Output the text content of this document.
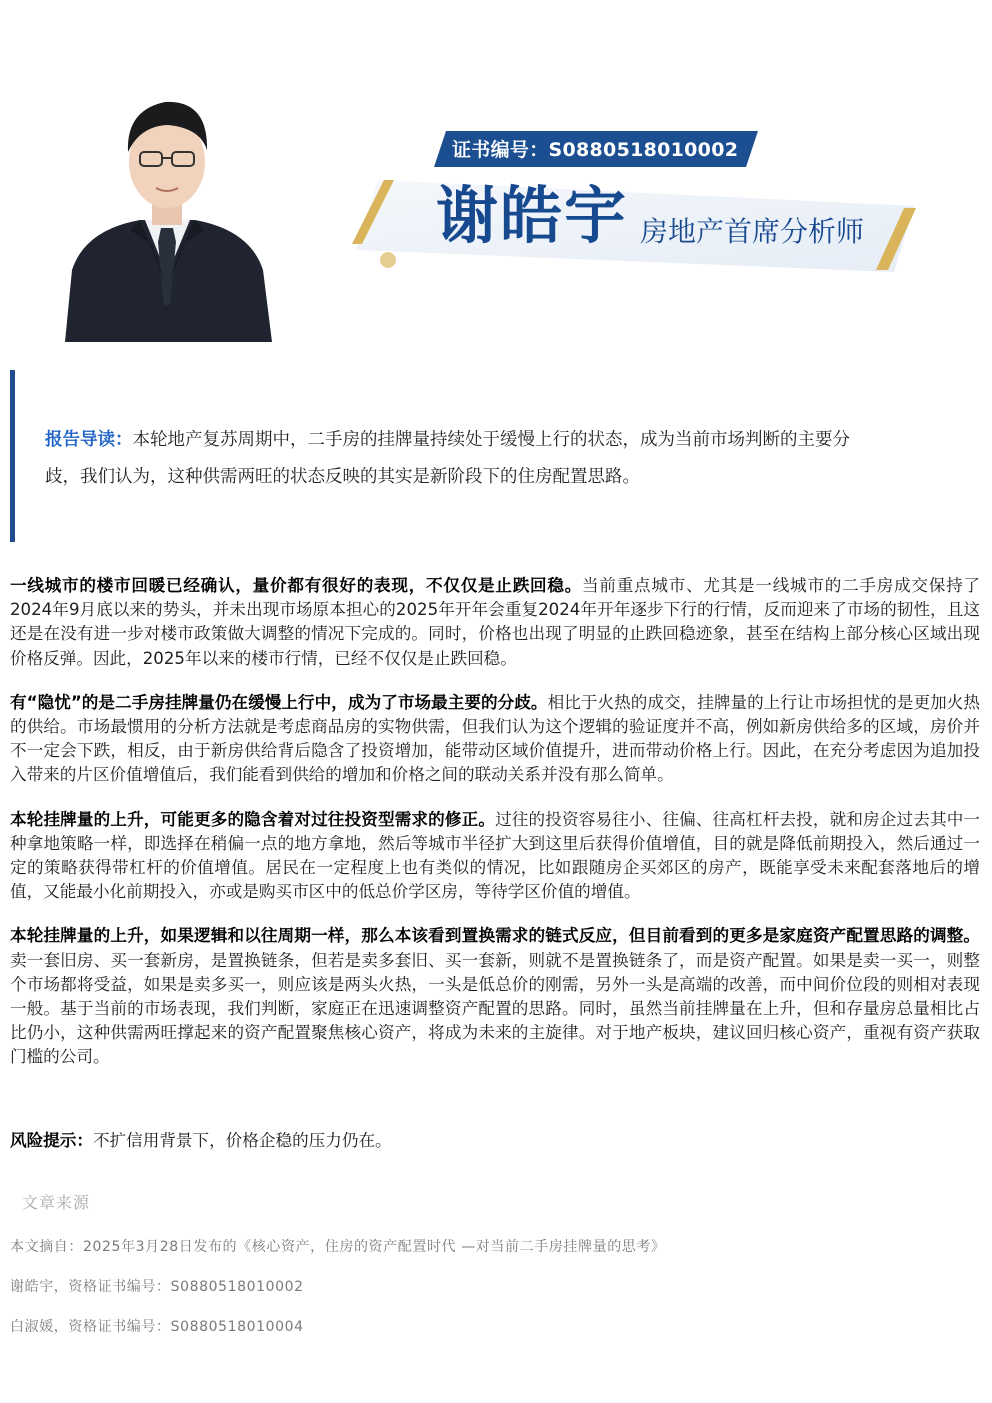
证书编号：S0880518010002
谢皓宇 房地产首席分析师
报告导读：本轮地产复苏周期中，二手房的挂牌量持续处于缓慢上行的状态，成为当前市场判断的主要分歧，我们认为，这种供需两旺的状态反映的其实是新阶段下的住房配置思路。

一线城市的楼市回暖已经确认，量价都有很好的表现，不仅仅是止跌回稳。当前重点城市、尤其是一线城市的二手房成交保持了2024年9月底以来的势头，并未出现市场原本担心的2025年开年会重复2024年开年逐步下行的行情，反而迎来了市场的韧性，且这还是在没有进一步对楼市政策做大调整的情况下完成的。同时，价格也出现了明显的止跌回稳迹象，甚至在结构上部分核心区域出现价格反弹。因此，2025年以来的楼市行情，已经不仅仅是止跌回稳。

有“隐忧”的是二手房挂牌量仍在缓慢上行中，成为了市场最主要的分歧。相比于火热的成交，挂牌量的上行让市场担忧的是更加火热的供给。市场最惯用的分析方法就是考虑商品房的实物供需，但我们认为这个逻辑的验证度并不高，例如新房供给多的区域，房价并不一定会下跌，相反，由于新房供给背后隐含了投资增加，能带动区域价值提升，进而带动价格上行。因此，在充分考虑因为追加投入带来的片区价值增值后，我们能看到供给的增加和价格之间的联动关系并没有那么简单。

本轮挂牌量的上升，可能更多的隐含着对过往投资型需求的修正。过往的投资容易往小、往偏、往高杠杆去投，就和房企过去其中一种拿地策略一样，即选择在稍偏一点的地方拿地，然后等城市半径扩大到这里后获得价值增值，目的就是降低前期投入，然后通过一定的策略获得带杠杆的价值增值。居民在一定程度上也有类似的情况，比如跟随房企买郊区的房产，既能享受未来配套落地后的增值，又能最小化前期投入，亦或是购买市区中的低总价学区房，等待学区价值的增值。

本轮挂牌量的上升，如果逻辑和以往周期一样，那么本该看到置换需求的链式反应，但目前看到的更多是家庭资产配置思路的调整。卖一套旧房、买一套新房，是置换链条，但若是卖多套旧、买一套新，则就不是置换链条了，而是资产配置。如果是卖一买一，则整个市场都将受益，如果是卖多买一，则应该是两头火热，一头是低总价的刚需，另外一头是高端的改善，而中间价位段的则相对表现一般。基于当前的市场表现，我们判断，家庭正在迅速调整资产配置的思路。同时，虽然当前挂牌量在上升，但和存量房总量相比占比仍小，这种供需两旺撑起来的资产配置聚焦核心资产，将成为未来的主旋律。对于地产板块，建议回归核心资产，重视有资产获取门槛的公司。

风险提示：不扩信用背景下，价格企稳的压力仍在。
文章来源
本文摘自：2025年3月28日发布的《核心资产，住房的资产配置时代 —对当前二手房挂牌量的思考》
谢皓宇，资格证书编号：S0880518010002
白淑媛，资格证书编号：S0880518010004
